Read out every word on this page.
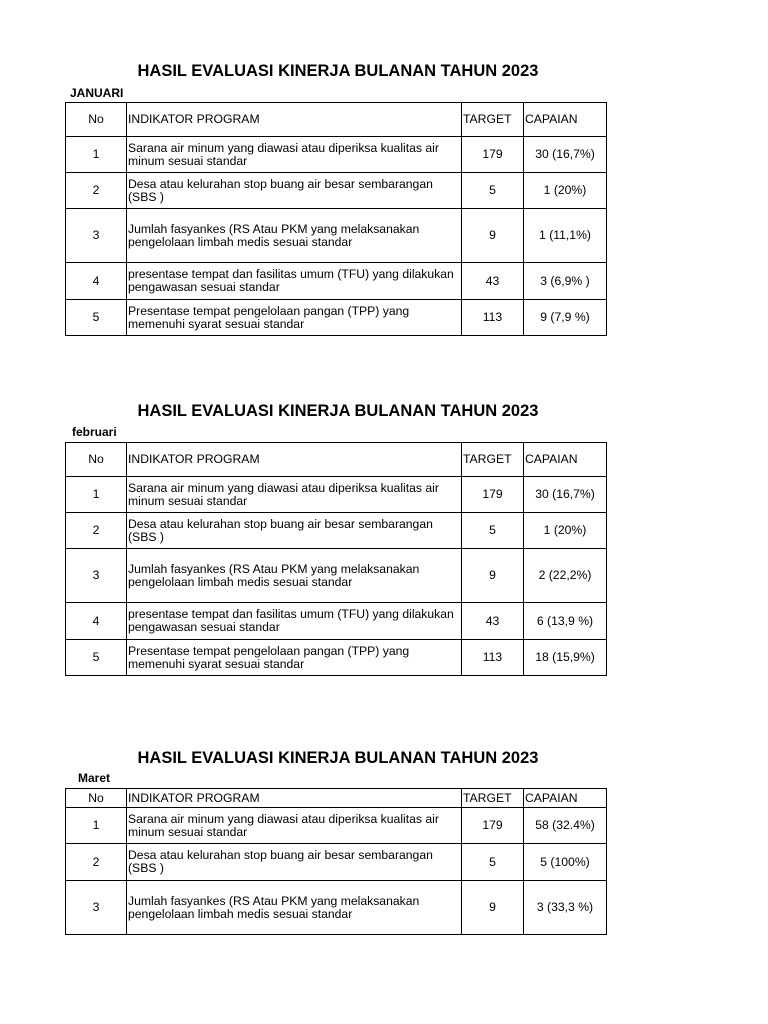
HASIL EVALUASI KINERJA BULANAN TAHUN 2023
JANUARI
No	INDIKATOR PROGRAM	TARGET	CAPAIAN
1	Sarana air minum yang diawasi atau diperiksa kualitas air minum sesuai standar	179	30 (16,7%)
2	Desa atau kelurahan stop buang air besar sembarangan (SBS )	5	1 (20%)
3	Jumlah fasyankes (RS Atau PKM yang melaksanakan pengelolaan limbah medis sesuai standar	9	1 (11,1%)
4	presentase tempat dan fasilitas umum (TFU) yang dilakukan pengawasan sesuai standar	43	3 (6,9% )
5	Presentase tempat pengelolaan pangan (TPP) yang memenuhi syarat sesuai standar	113	9 (7,9 %)
HASIL EVALUASI KINERJA BULANAN TAHUN 2023
februari
No	INDIKATOR PROGRAM	TARGET	CAPAIAN
1	Sarana air minum yang diawasi atau diperiksa kualitas air minum sesuai standar	179	30 (16,7%)
2	Desa atau kelurahan stop buang air besar sembarangan (SBS )	5	1 (20%)
3	Jumlah fasyankes (RS Atau PKM yang melaksanakan pengelolaan limbah medis sesuai standar	9	2 (22,2%)
4	presentase tempat dan fasilitas umum (TFU) yang dilakukan pengawasan sesuai standar	43	6 (13,9 %)
5	Presentase tempat pengelolaan pangan (TPP) yang memenuhi syarat sesuai standar	113	18 (15,9%)
HASIL EVALUASI KINERJA BULANAN TAHUN 2023
Maret
No	INDIKATOR PROGRAM	TARGET	CAPAIAN
1	Sarana air minum yang diawasi atau diperiksa kualitas air minum sesuai standar	179	58 (32.4%)
2	Desa atau kelurahan stop buang air besar sembarangan (SBS )	5	5 (100%)
3	Jumlah fasyankes (RS Atau PKM yang melaksanakan pengelolaan limbah medis sesuai standar	9	3 (33,3 %)
